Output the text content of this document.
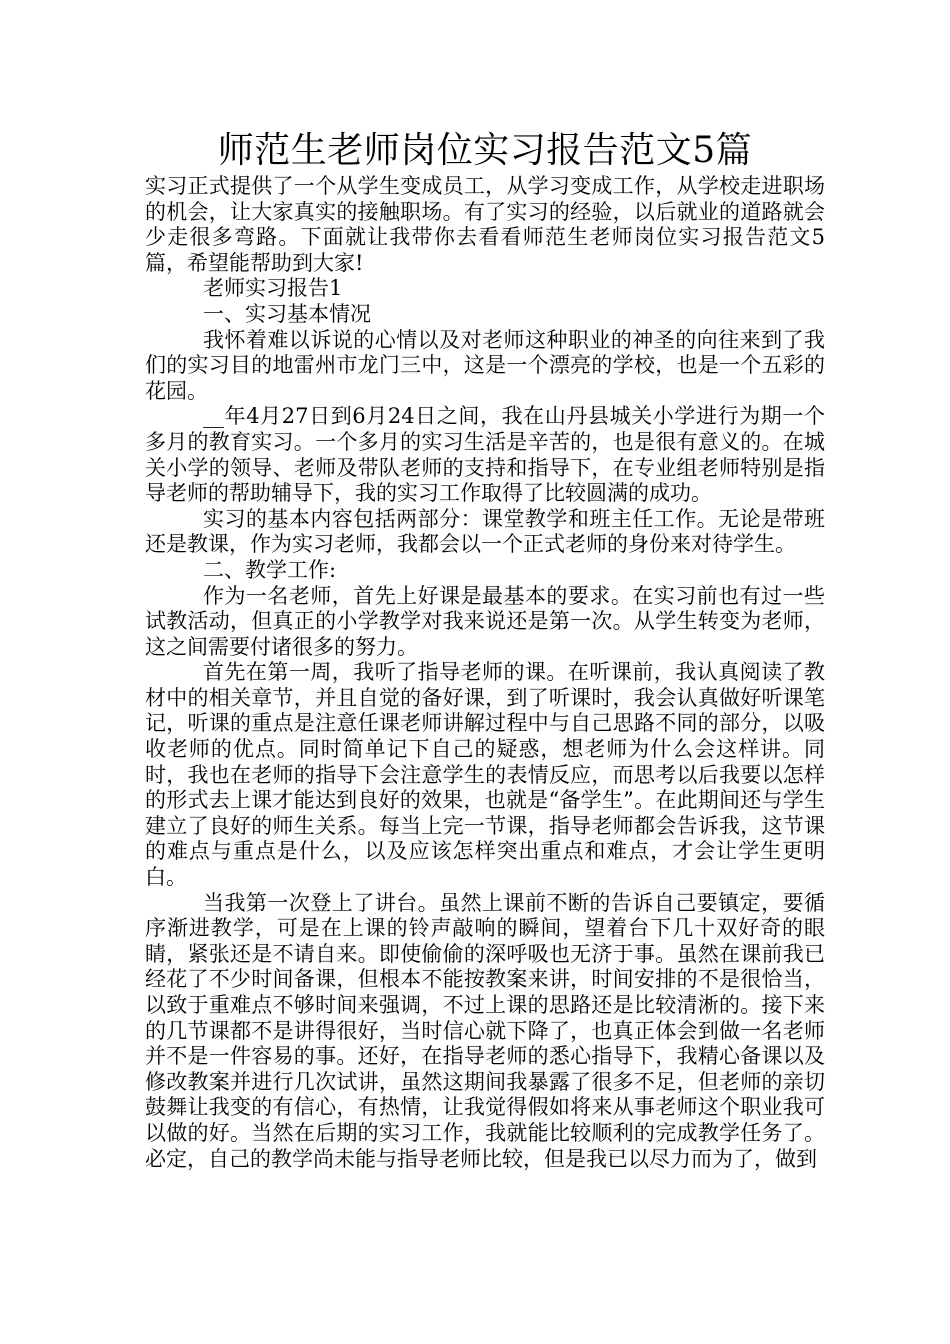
师范生老师岗位实习报告范文5篇

实习正式提供了一个从学生变成员工，从学习变成工作，从学校走进职场的机会，让大家真实的接触职场。有了实习的经验，以后就业的道路就会少走很多弯路。下面就让我带你去看看师范生老师岗位实习报告范文5篇，希望能帮助到大家!

老师实习报告1

一、实习基本情况

我怀着难以诉说的心情以及对老师这种职业的神圣的向往来到了我们的实习目的地雷州市龙门三中，这是一个漂亮的学校，也是一个五彩的花园。

__年4月27日到6月24日之间，我在山丹县城关小学进行为期一个多月的教育实习。一个多月的实习生活是辛苦的，也是很有意义的。在城关小学的领导、老师及带队老师的支持和指导下，在专业组老师特别是指导老师的帮助辅导下，我的实习工作取得了比较圆满的成功。

实习的基本内容包括两部分：课堂教学和班主任工作。无论是带班还是教课，作为实习老师，我都会以一个正式老师的身份来对待学生。

二、教学工作:

作为一名老师，首先上好课是最基本的要求。在实习前也有过一些试教活动，但真正的小学教学对我来说还是第一次。从学生转变为老师，这之间需要付诸很多的努力。

首先在第一周，我听了指导老师的课。在听课前，我认真阅读了教材中的相关章节，并且自觉的备好课，到了听课时，我会认真做好听课笔记，听课的重点是注意任课老师讲解过程中与自己思路不同的部分，以吸收老师的优点。同时简单记下自己的疑惑，想老师为什么会这样讲。同时，我也在老师的指导下会注意学生的表情反应，而思考以后我要以怎样的形式去上课才能达到良好的效果，也就是“备学生”。在此期间还与学生建立了良好的师生关系。每当上完一节课，指导老师都会告诉我，这节课的难点与重点是什么，以及应该怎样突出重点和难点，才会让学生更明白。

当我第一次登上了讲台。虽然上课前不断的告诉自己要镇定，要循序渐进教学，可是在上课的铃声敲响的瞬间，望着台下几十双好奇的眼睛，紧张还是不请自来。即使偷偷的深呼吸也无济于事。虽然在课前我已经花了不少时间备课，但根本不能按教案来讲，时间安排的不是很恰当，以致于重难点不够时间来强调，不过上课的思路还是比较清淅的。接下来的几节课都不是讲得很好，当时信心就下降了，也真正体会到做一名老师并不是一件容易的事。还好，在指导老师的悉心指导下，我精心备课以及修改教案并进行几次试讲，虽然这期间我暴露了很多不足，但老师的亲切鼓舞让我变的有信心，有热情，让我觉得假如将来从事老师这个职业我可以做的好。当然在后期的实习工作，我就能比较顺利的完成教学任务了。必定，自己的教学尚未能与指导老师比较，但是我已以尽力而为了，做到
